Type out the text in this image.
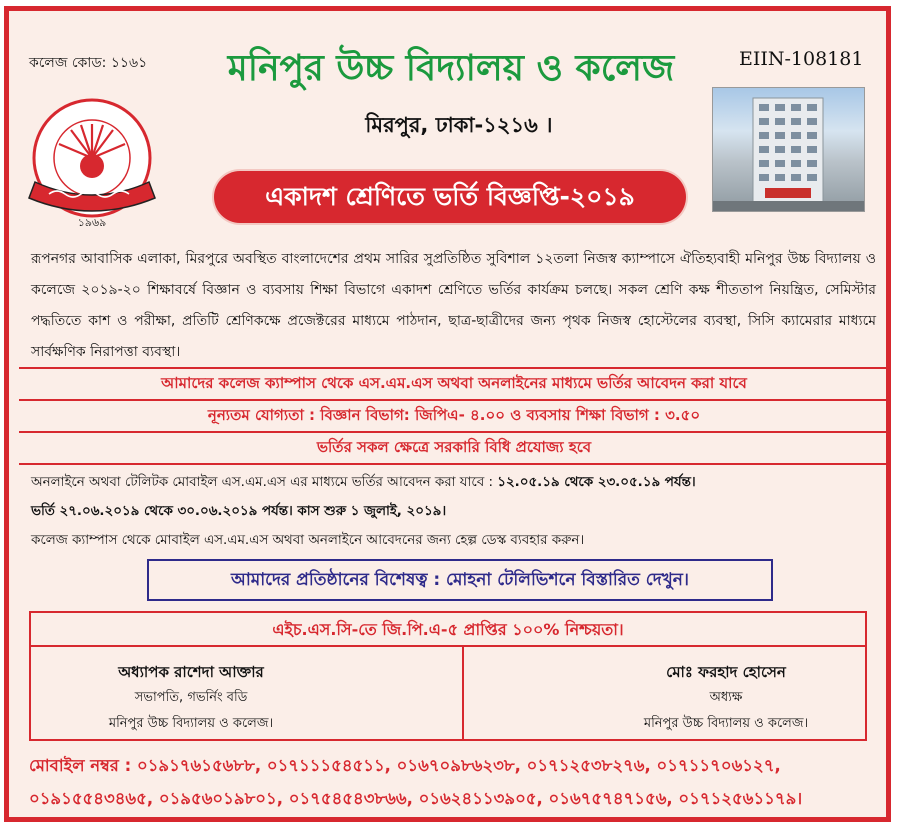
কলেজ কোড: ১১৬১	মনিপুর উচ্চ বিদ্যালয় ও কলেজ	EIIN-108181
মিরপুর, ঢাকা-১২১৬ ।
১৯৬৯
একাদশ শ্রেণিতে ভর্তি বিজ্ঞপ্তি-২০১৯

রূপনগর আবাসিক এলাকা, মিরপুরে অবস্থিত বাংলাদেশের প্রথম সারির সুপ্রতিষ্ঠিত সুবিশাল ১২তলা নিজস্ব ক্যাম্পাসে ঐতিহ্যবাহী মনিপুর উচ্চ বিদ্যালয় ও কলেজে ২০১৯-২০ শিক্ষাবর্ষে বিজ্ঞান ও ব্যবসায় শিক্ষা বিভাগে একাদশ শ্রেণিতে ভর্তির কার্যক্রম চলছে। সকল শ্রেণি কক্ষ শীততাপ নিয়ন্ত্রিত, সেমিস্টার পদ্ধতিতে কাশ ও পরীক্ষা, প্রতিটি শ্রেণিকক্ষে প্রজেক্টরের মাধ্যমে পাঠদান, ছাত্র-ছাত্রীদের জন্য পৃথক নিজস্ব হোস্টেলের ব্যবস্থা, সিসি ক্যামেরার মাধ্যমে সার্বক্ষণিক নিরাপত্তা ব্যবস্থা।

আমাদের কলেজ ক্যাম্পাস থেকে এস.এম.এস অথবা অনলাইনের মাধ্যমে ভর্তির আবেদন করা যাবে
নূন্যতম যোগ্যতা : বিজ্ঞান বিভাগ: জিপিএ- ৪.০০ ও ব্যবসায় শিক্ষা বিভাগ : ৩.৫০
ভর্তির সকল ক্ষেত্রে সরকারি বিধি প্রযোজ্য হবে
অনলাইনে অথবা টেলিটক মোবাইল এস.এম.এস এর মাধ্যমে ভর্তির আবেদন করা যাবে : ১২.০৫.১৯ থেকে ২৩.০৫.১৯ পর্যন্ত।
ভর্তি ২৭.০৬.২০১৯ থেকে ৩০.০৬.২০১৯ পর্যন্ত। কাস শুরু ১ জুলাই, ২০১৯।
কলেজ ক্যাম্পাস থেকে মোবাইল এস.এম.এস অথবা অনলাইনে আবেদনের জন্য হেল্প ডেস্ক ব্যবহার করুন।
আমাদের প্রতিষ্ঠানের বিশেষত্ব : মোহনা টেলিভিশনে বিস্তারিত দেখুন।
এইচ.এস.সি-তে জি.পি.এ-৫ প্রাপ্তির ১০০% নিশ্চয়তা।
অধ্যাপক রাশেদা আক্তার
সভাপতি, গভর্নিং বডি
মনিপুর উচ্চ বিদ্যালয় ও কলেজ।
মোঃ ফরহাদ হোসেন
অধ্যক্ষ
মনিপুর উচ্চ বিদ্যালয় ও কলেজ।
মোবাইল নম্বর : ০১৯১৭৬১৫৬৮৮, ০১৭১১১৫৪৫১১, ০১৬৭০৯৮৬২৩৮, ০১৭১২৫৩৮২৭৬, ০১৭১১৭০৬১২৭,
০১৯১৫৫৪৩৪৬৫, ০১৯৫৬০১৯৮০১, ০১৭৫৪৫৪৩৮৬৬, ০১৬২৪১১৩৯০৫, ০১৬৭৫৭৪৭১৫৬, ০১৭১২৫৬১১৭৯।
